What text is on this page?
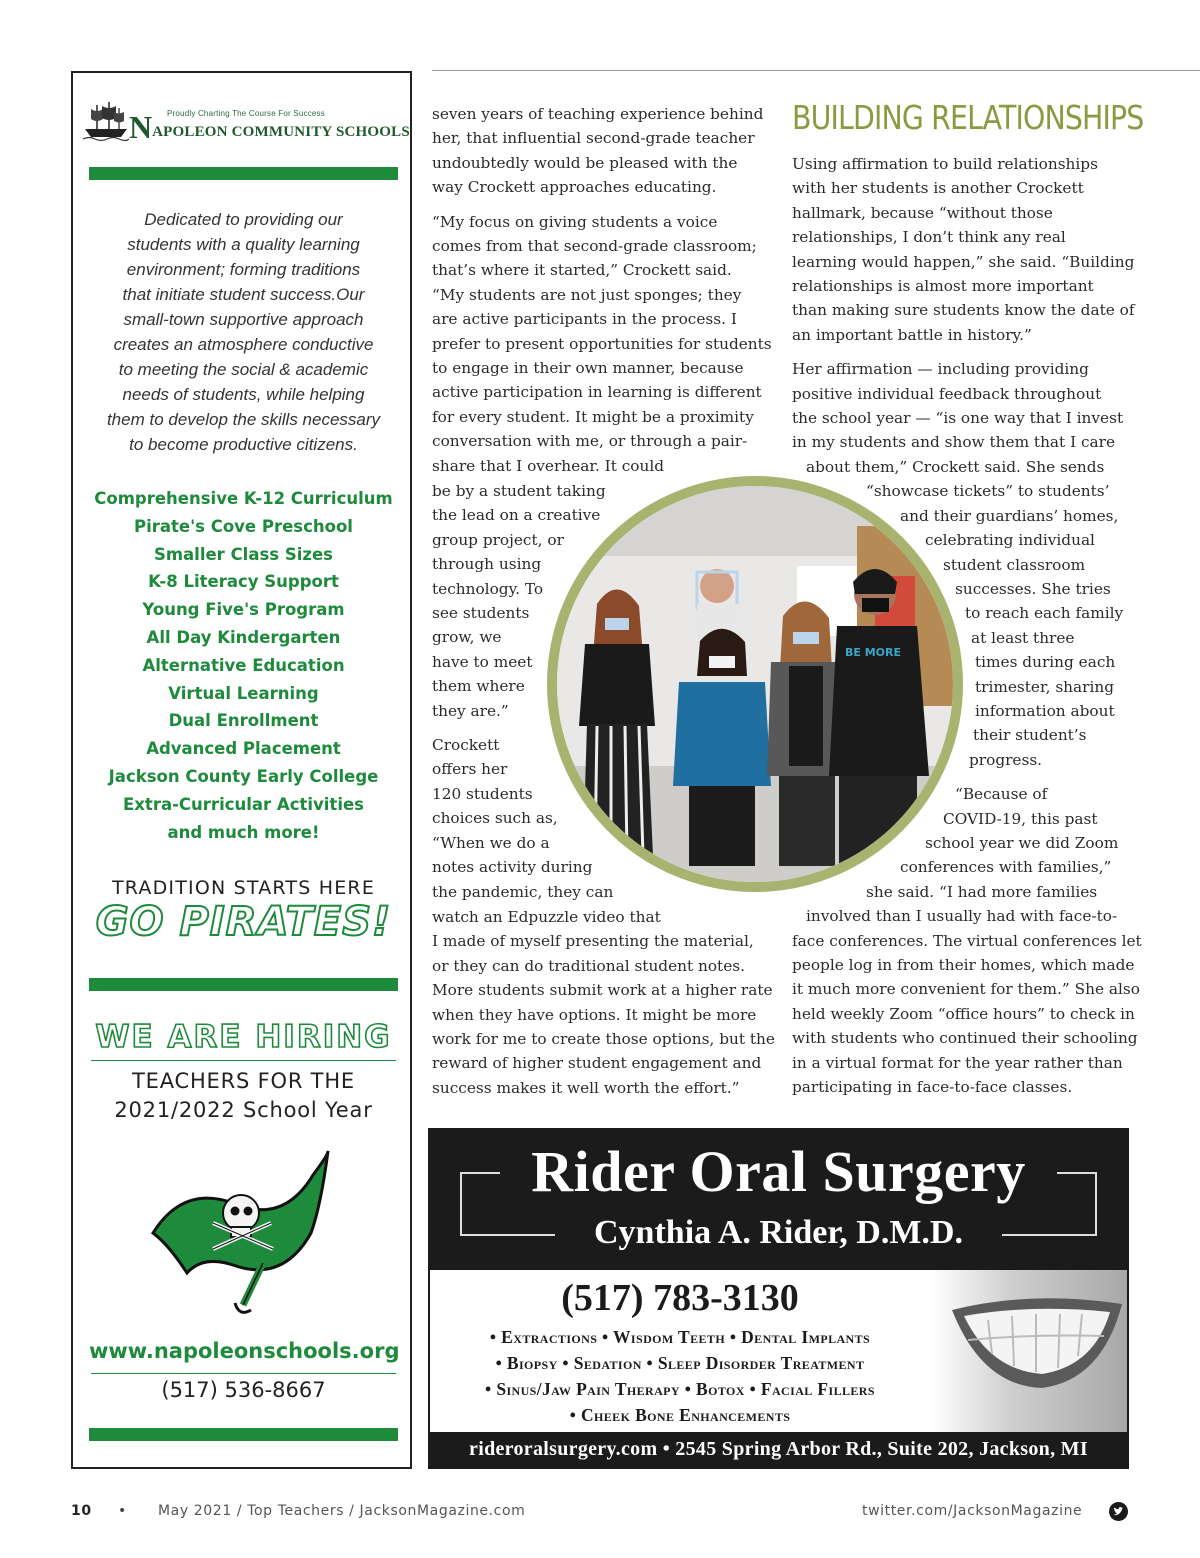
Proudly Charting The Course For Success
NAPOLEON COMMUNITY SCHOOLS
Dedicated to providing our
students with a quality learning
environment; forming traditions
that initiate student success.Our
small-town supportive approach
creates an atmosphere conductive
to meeting the social & academic
needs of students, while helping
them to develop the skills necessary
to become productive citizens.
Comprehensive K-12 Curriculum
Pirate's Cove Preschool
Smaller Class Sizes
K-8 Literacy Support
Young Five's Program
All Day Kindergarten
Alternative Education
Virtual Learning
Dual Enrollment
Advanced Placement
Jackson County Early College
Extra-Curricular Activities
and much more!
TRADITION STARTS HERE
GO PIRATES!
WE ARE HIRING
TEACHERS FOR THE
2021/2022 School Year
www.napoleonschools.org
(517) 536-8667

seven years of teaching experience behind
her, that influential second-grade teacher
undoubtedly would be pleased with the
way Crockett approaches educating.

“My focus on giving students a voice
comes from that second-grade classroom;
that’s where it started,” Crockett said.
“My students are not just sponges; they
are active participants in the process. I
prefer to present opportunities for students
to engage in their own manner, because
active participation in learning is different
for every student. It might be a proximity
conversation with me, or through a pair-
share that I overhear. It could

be by a student taking
the lead on a creative
group project, or
through using
technology. To
see students
grow, we
have to meet
them where
they are.”

Crockett
offers her
120 students
choices such as,
“When we do a
notes activity during
the pandemic, they can

watch an Edpuzzle video that
I made of myself presenting the material,
or they can do traditional student notes.
More students submit work at a higher rate
when they have options. It might be more
work for me to create those options, but the
reward of higher student engagement and
success makes it well worth the effort.”
BUILDING RELATIONSHIPS

Using affirmation to build relationships
with her students is another Crockett
hallmark, because “without those
relationships, I don’t think any real
learning would happen,” she said. “Building
relationships is almost more important
than making sure students know the date of
an important battle in history.”

Her affirmation — including providing
positive individual feedback throughout
the school year — “is one way that I invest
in my students and show them that I care
about them,” Crockett said. She sends
“showcase tickets” to students’
and their guardians’ homes,
celebrating individual
student classroom
successes. She tries
to reach each family
at least three
times during each
trimester, sharing
information about
their student’s
progress.

“Because of
COVID-19, this past
school year we did Zoom
conferences with families,”
she said. “I had more families
involved than I usually had with face-to-
face conferences. The virtual conferences let
people log in from their homes, which made
it much more convenient for them.” She also
held weekly Zoom “office hours” to check in
with students who continued their schooling
in a virtual format for the year rather than
participating in face-to-face classes.

BE MORE
Rider Oral Surgery
Cynthia A. Rider, D.M.D.
(517) 783-3130
• Extractions • Wisdom Teeth • Dental Implants
• Biopsy • Sedation • Sleep Disorder Treatment
• Sinus/Jaw Pain Therapy • Botox • Facial Fillers
• Cheek Bone Enhancements
rideroralsurgery.com • 2545 Spring Arbor Rd., Suite 202, Jackson, MI
10 • May 2021 / Top Teachers / JacksonMagazine.com	twitter.com/JacksonMagazine
